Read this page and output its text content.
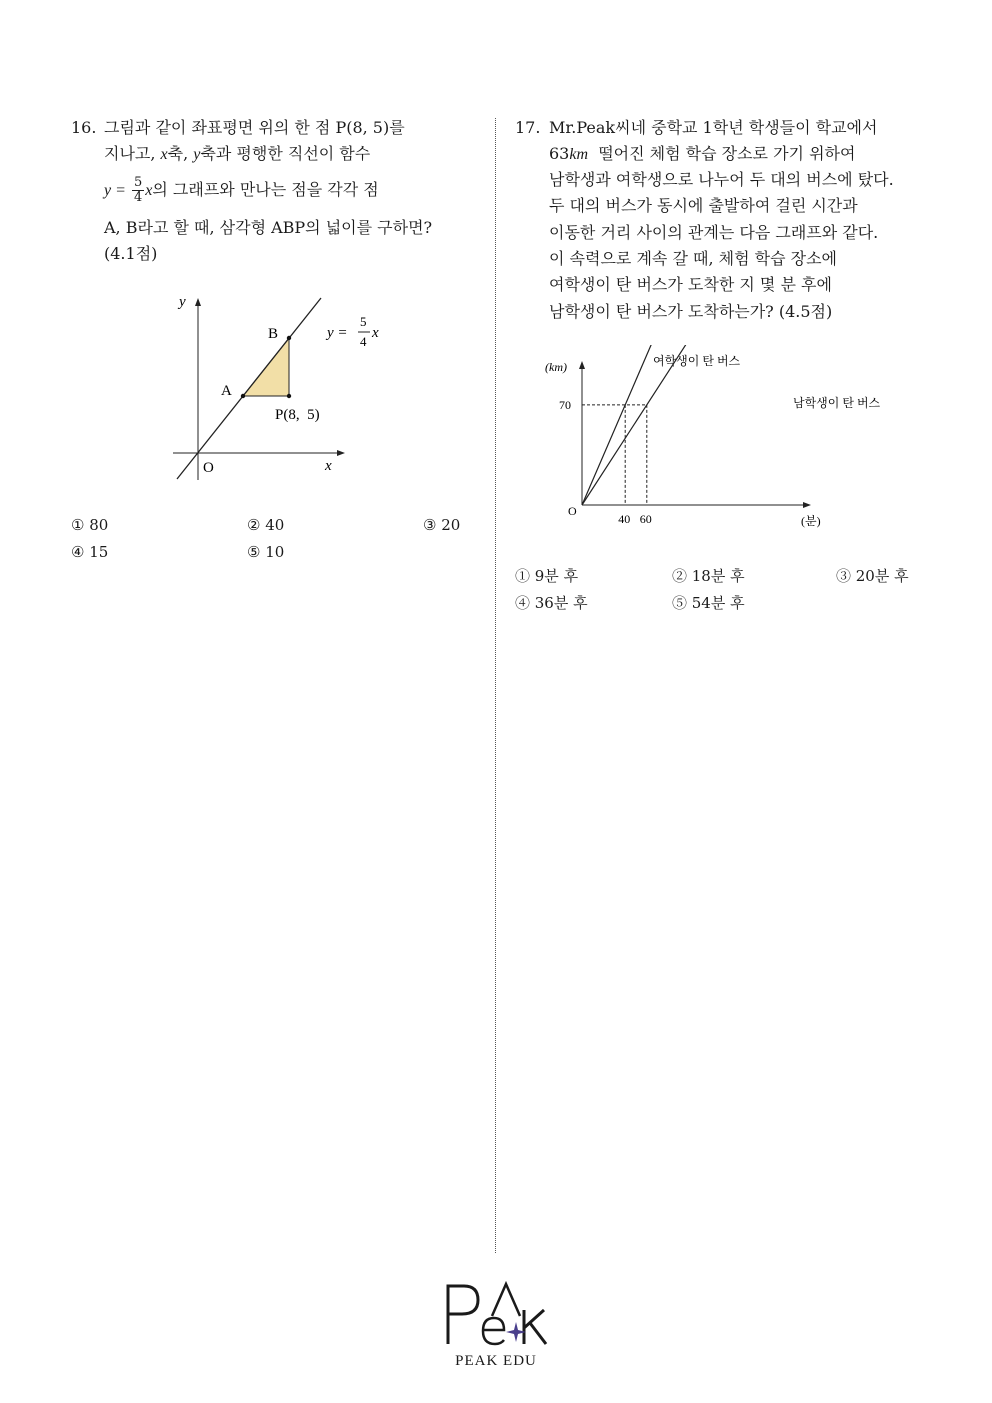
16. 그림과 같이 좌표평면 위의 한 점 P(8, 5)를
지나고, x축, y축과 평행한 직선이 함수
$y = \frac{5}{4}$ x의 그래프와 만나는 점을 각각 점
A, B라고 할 때, 삼각형 ABP의 넓이를 구하면?
(4.1점)
y
x
O
A
B
P(8,  5)
y =
5
4
x
① 80	② 40	③ 20
④ 15	⑤ 10
17. Mr.Peak씨네 중학교 1학년 학생들이 학교에서
63km 떨어진 체험 학습 장소로 가기 위하여
남학생과 여학생으로 나누어 두 대의 버스에 탔다.
두 대의 버스가 동시에 출발하여 걸린 시간과
이동한 거리 사이의 관계는 다음 그래프와 같다.
이 속력으로 계속 갈 때, 체험 학습 장소에
여학생이 탄 버스가 도착한 지 몇 분 후에
남학생이 탄 버스가 도착하는가? (4.5점)
(km)
(분)
O
70
40 60
여학생이 탄 버스
남학생이 탄 버스
① 9분 후	② 18분 후	③ 20분 후
④ 36분 후	⑤ 54분 후
PEAK EDU
